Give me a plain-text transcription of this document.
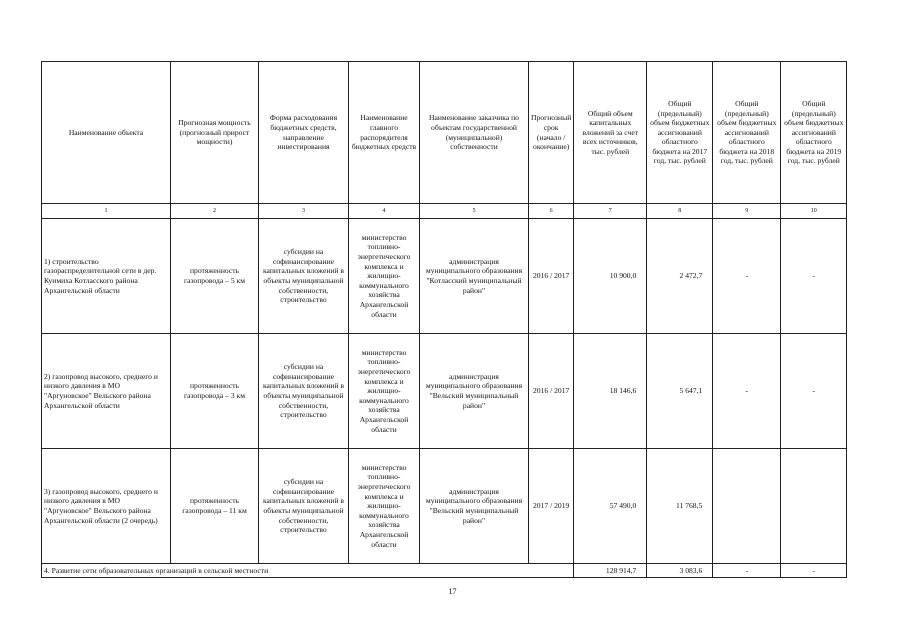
Наименование объекта	Прогнозная мощность (прогнозный прирост мощности)	Форма расходования бюджетных средств, направление инвестирования	Наименование главного распорядителя бюджетных средств	Наименование заказчика по объектам государственной (муниципальной) собственности	Прогнозный срок (начало / окончание)	Общий объем капитальных вложений за счет всех источников, тыс. рублей	Общий (предельный) объем бюджетных ассигнований областного бюджета на 2017 год, тыс. рублей	Общий (предельный) объем бюджетных ассигнований областного бюджета на 2018 год, тыс. рублей	Общий (предельный) объем бюджетных ассигнований областного бюджета на 2019 год, тыс. рублей
1	2	3	4	5	6	7	8	9	10
1) строительство газораспределительной сети в дер. Куимиха Котласского района Архангельской области	протяженность газопровода – 5 км	субсидии на софинансирование капитальных вложений в объекты муниципальной собственности, строительство	министерство топливно-энергетического комплекса и жилищно-коммунального хозяйства Архангельской области	администрация муниципального образования "Котласский муниципальный район"	2016 / 2017	10 900,0	2 472,7	-	-
2) газопровод высокого, среднего и низкого давления в МО "Аргуновское" Вельского района Архангельской области	протяженность газопровода – 3 км	субсидии на софинансирование капитальных вложений в объекты муниципальной собственности, строительство	министерство топливно-энергетического комплекса и жилищно-коммунального хозяйства Архангельской области	администрация муниципального образования "Вельский муниципальный район"	2016 / 2017	18 146,6	5 647,1	-	-
3) газопровод высокого, среднего и низкого давления в МО "Аргуновское" Вельского района Архангельской области (2 очередь)	протяженность газопровода – 11 км	субсидии на софинансирование капитальных вложений в объекты муниципальной собственности, строительство	министерство топливно-энергетического комплекса и жилищно-коммунального хозяйства Архангельской области	администрация муниципального образования "Вельский муниципальный район"	2017 / 2019	57 490,0	11 768,5		
4. Развитие сети образовательных организаций в сельской местности						128 914,7	3 083,6	-	-
17
